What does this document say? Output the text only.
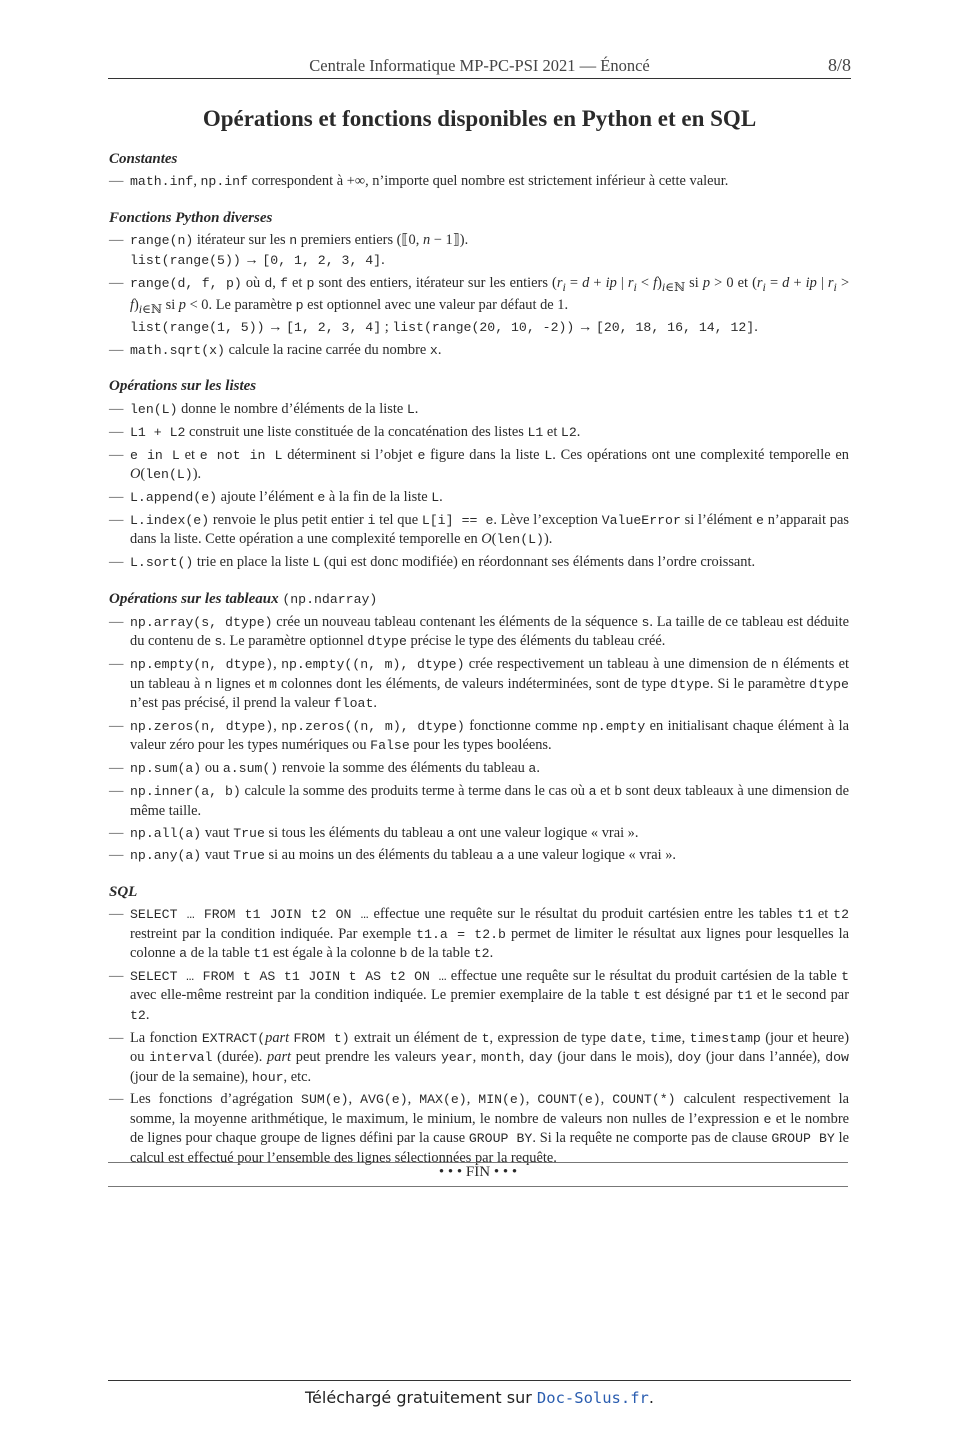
Centrale Informatique MP-PC-PSI 2021 — Énoncé	8/8
Opérations et fonctions disponibles en Python et en SQL
Constantes
— math.inf, np.inf correspondent à +∞, n’importe quel nombre est strictement inférieur à cette valeur.
Fonctions Python diverses
— range(n) itérateur sur les n premiers entiers (⟦0, n − 1⟧).
list(range(5)) → [0, 1, 2, 3, 4].
— range(d, f, p) où d, f et p sont des entiers, itérateur sur les entiers ($r_i = d$ + ip | $r_i < f)_{i\in ℕ}$ si p > 0 et ($r_i = d$ + ip | $r_i > f)_{i\in ℕ}$ si p < 0. Le paramètre p est optionnel avec une valeur par défaut de 1.
list(range(1, 5)) → [1, 2, 3, 4] ; list(range(20, 10, -2)) → [20, 18, 16, 14, 12].
— math.sqrt(x) calcule la racine carrée du nombre x.
Opérations sur les listes
— len(L) donne le nombre d’éléments de la liste L.
— L1 + L2 construit une liste constituée de la concaténation des listes L1 et L2.
— e in L et e not in L déterminent si l’objet e figure dans la liste L. Ces opérations ont une complexité temporelle en O(len(L)).
— L.append(e) ajoute l’élément e à la fin de la liste L.
— L.index(e) renvoie le plus petit entier i tel que L[i] == e. Lève l’exception ValueError si l’élément e n’apparait pas dans la liste. Cette opération a une complexité temporelle en O(len(L)).
— L.sort() trie en place la liste L (qui est donc modifiée) en réordonnant ses éléments dans l’ordre croissant.
Opérations sur les tableaux (np.ndarray)
— np.array(s, dtype) crée un nouveau tableau contenant les éléments de la séquence s. La taille de ce tableau est déduite du contenu de s. Le paramètre optionnel dtype précise le type des éléments du tableau créé.
— np.empty(n, dtype), np.empty((n, m), dtype) crée respectivement un tableau à une dimension de n éléments et un tableau à n lignes et m colonnes dont les éléments, de valeurs indéterminées, sont de type dtype. Si le paramètre dtype n’est pas précisé, il prend la valeur float.
— np.zeros(n, dtype), np.zeros((n, m), dtype) fonctionne comme np.empty en initialisant chaque élément à la valeur zéro pour les types numériques ou False pour les types booléens.
— np.sum(a) ou a.sum() renvoie la somme des éléments du tableau a.
— np.inner(a, b) calcule la somme des produits terme à terme dans le cas où a et b sont deux tableaux à une dimension de même taille.
— np.all(a) vaut True si tous les éléments du tableau a ont une valeur logique « vrai ».
— np.any(a) vaut True si au moins un des éléments du tableau a a une valeur logique « vrai ».
SQL
— SELECT … FROM t1 JOIN t2 ON … effectue une requête sur le résultat du produit cartésien entre les tables t1 et t2 restreint par la condition indiquée. Par exemple t1.a = t2.b permet de limiter le résultat aux lignes pour lesquelles la colonne a de la table t1 est égale à la colonne b de la table t2.
— SELECT … FROM t AS t1 JOIN t AS t2 ON … effectue une requête sur le résultat du produit cartésien de la table t avec elle-même restreint par la condition indiquée. Le premier exemplaire de la table t est désigné par t1 et le second par t2.
— La fonction EXTRACT(part FROM t) extrait un élément de t, expression de type date, time, timestamp (jour et heure) ou interval (durée). part peut prendre les valeurs year, month, day (jour dans le mois), doy (jour dans l’année), dow (jour de la semaine), hour, etc.
— Les fonctions d’agrégation SUM(e), AVG(e), MAX(e), MIN(e), COUNT(e), COUNT(*) calculent respectivement la somme, la moyenne arithmétique, le maximum, le minium, le nombre de valeurs non nulles de l’expression e et le nombre de lignes pour chaque groupe de lignes défini par la cause GROUP BY. Si la requête ne comporte pas de clause GROUP BY le calcul est effectué pour l’ensemble des lignes sélectionnées par la requête.
• • • FIN • • •
Téléchargé gratuitement sur Doc-Solus.fr.
